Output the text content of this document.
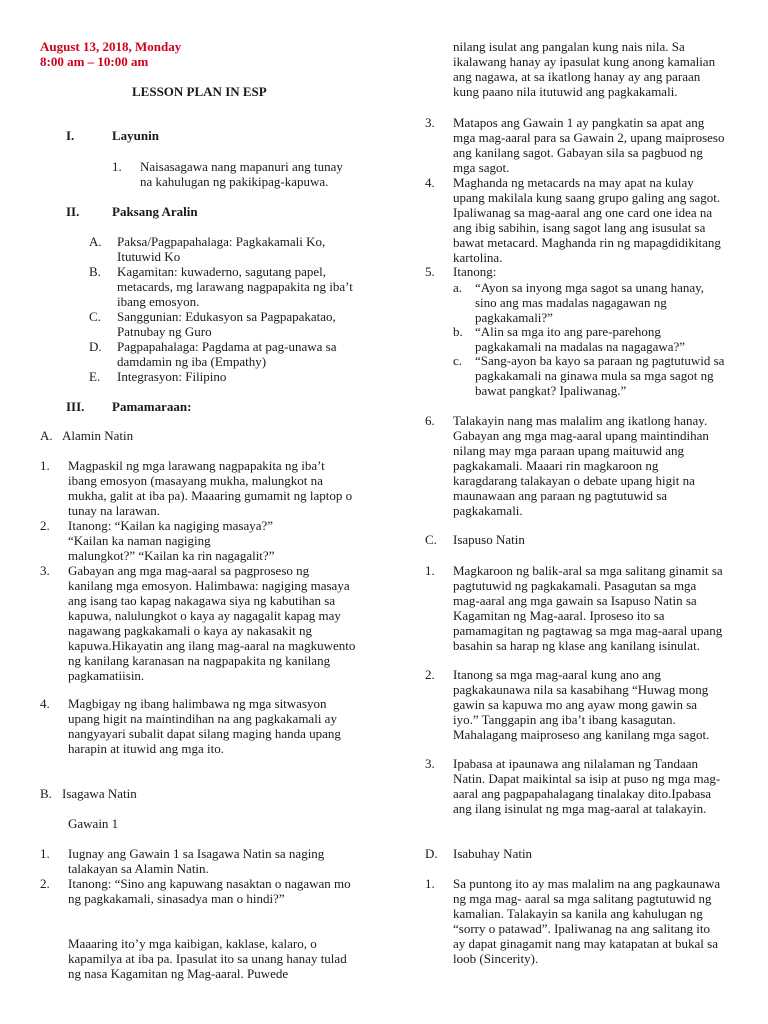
August 13, 2018, Monday
8:00 am – 10:00 am
LESSON PLAN IN ESP
I.	Layunin
1. Naisasagawa nang mapanuri ang tunay na kahulugan ng pakikipag-kapuwa.
II.	Paksang Aralin
A. Paksa/Pagpapahalaga: Pagkakamali Ko, Itutuwid Ko
B. Kagamitan: kuwaderno, sagutang papel, metacards, mg larawang nagpapakita ng iba’t ibang emosyon.
C. Sanggunian: Edukasyon sa Pagpapakatao, Patnubay ng Guro
D. Pagpapahalaga: Pagdama at pag-unawa sa damdamin ng iba (Empathy)
E. Integrasyon: Filipino
III. Pamamaraan:
A. Alamin Natin
1. Magpaskil ng mga larawang nagpapakita ng iba’t ibang emosyon (masayang mukha, malungkot na mukha, galit at iba pa). Maaaring gumamit ng laptop o tunay na larawan.
2. Itanong: “Kailan ka nagiging masaya?” “Kailan ka naman nagiging malungkot?” “Kailan ka rin nagagalit?”
3. Gabayan ang mga mag-aaral sa pagproseso ng kanilang mga emosyon. Halimbawa: nagiging masaya ang isang tao kapag nakagawa siya ng kabutihan sa kapuwa, nalulungkot o kaya ay nagagalit kapag may nagawang pagkakamali o kaya ay nakasakit ng kapuwa.Hikayatin ang ilang mag-aaral na magkuwento ng kanilang karanasan na nagpapakita ng kanilang pagkamatiisin.
4. Magbigay ng ibang halimbawa ng mga sitwasyon upang higit na maintindihan na ang pagkakamali ay nangyayari subalit dapat silang maging handa upang harapin at ituwid ang mga ito.
B. Isagawa Natin
Gawain 1
1. Iugnay ang Gawain 1 sa Isagawa Natin sa naging talakayan sa Alamin Natin.
2. Itanong: “Sino ang kapuwang nasaktan o nagawan mo ng pagkakamali, sinasadya man o hindi?”
Maaaring ito’y mga kaibigan, kaklase, kalaro, o kapamilya at iba pa. Ipasulat ito sa unang hanay tulad ng nasa Kagamitan ng Mag-aaral. Puwede
nilang isulat ang pangalan kung nais nila. Sa ikalawang hanay ay ipasulat kung anong kamalian ang nagawa, at sa ikatlong hanay ay ang paraan kung paano nila itutuwid ang pagkakamali.
3. Matapos ang Gawain 1 ay pangkatin sa apat ang mga mag-aaral para sa Gawain 2, upang maiproseso ang kanilang sagot. Gabayan sila sa pagbuod ng mga sagot.
4. Maghanda ng metacards na may apat na kulay upang makilala kung saang grupo galing ang sagot. Ipaliwanag sa mag-aaral ang one card one idea na ang ibig sabihin, isang sagot lang ang isusulat sa bawat metacard. Maghanda rin ng mapagdidikitang kartolina.
5. Itanong:
a. “Ayon sa inyong mga sagot sa unang hanay, sino ang mas madalas nagagawan ng pagkakamali?”
b. “Alin sa mga ito ang pare-parehong pagkakamali na madalas na nagagawa?”
c. “Sang-ayon ba kayo sa paraan ng pagtutuwid sa pagkakamali na ginawa mula sa mga sagot ng bawat pangkat? Ipaliwanag.”
6. Talakayin nang mas malalim ang ikatlong hanay. Gabayan ang mga mag-aaral upang maintindihan nilang may mga paraan upang maituwid ang pagkakamali. Maaari rin magkaroon ng karagdarang talakayan o debate upang higit na maunawaan ang paraan ng pagtutuwid sa pagkakamali.
C. Isapuso Natin
1. Magkaroon ng balik-aral sa mga salitang ginamit sa pagtutuwid ng pagkakamali. Pasagutan sa mga mag-aaral ang mga gawain sa Isapuso Natin sa Kagamitan ng Mag-aaral. Iproseso ito sa pamamagitan ng pagtawag sa mga mag-aaral upang basahin sa harap ng klase ang kanilang isinulat.
2. Itanong sa mga mag-aaral kung ano ang pagkakaunawa nila sa kasabihang “Huwag mong gawin sa kapuwa mo ang ayaw mong gawin sa iyo.” Tanggapin ang iba’t ibang kasagutan. Mahalagang maiproseso ang kanilang mga sagot.
3. Ipabasa at ipaunawa ang nilalaman ng Tandaan Natin. Dapat maikintal sa isip at puso ng mga mag-aaral ang pagpapahalagang tinalakay dito.Ipabasa ang ilang isinulat ng mga mag-aaral at talakayin.
D. Isabuhay Natin
1. Sa puntong ito ay mas malalim na ang pagkaunawa ng mga mag- aaral sa mga salitang pagtutuwid ng kamalian. Talakayin sa kanila ang kahulugan ng “sorry o patawad”. Ipaliwanag na ang salitang ito ay dapat ginagamit nang may katapatan at bukal sa loob (Sincerity).
